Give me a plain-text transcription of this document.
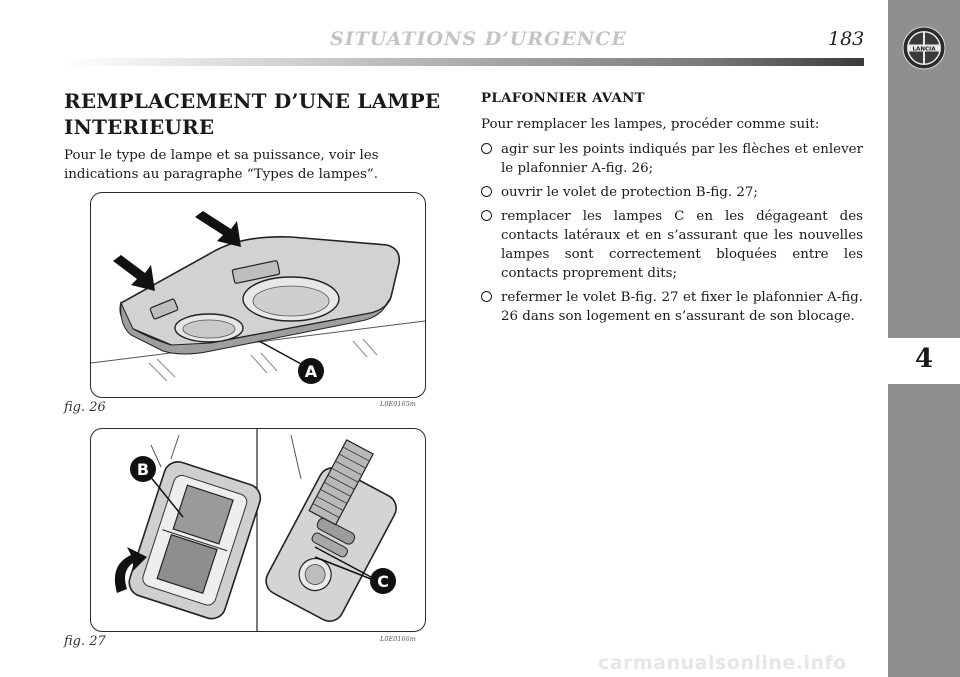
SITUATIONS D’URGENCE	183	LANCIA
4
REMPLACEMENT D’UNE LAMPE INTERIEURE

Pour le type de lampe et sa puissance, voir les indications au paragraphe “Types de lampes”.

A
fig. 26	L0E0165m
B
C
fig. 27	L0E0166m
PLAFONNIER AVANT

Pour remplacer les lampes, procéder comme suit:

agir sur les points indiqués par les flèches et enlever le plafonnier A-fig. 26;
ouvrir le volet de protection B-fig. 27;
remplacer les lampes C en les dégageant des contacts latéraux et en s’assurant que les nouvelles lampes sont correctement bloquées entre les contacts proprement dits;
refermer le volet B-fig. 27 et fixer le plafonnier A-fig. 26 dans son logement en s’assurant de son blocage.
carmanualsonline.info
